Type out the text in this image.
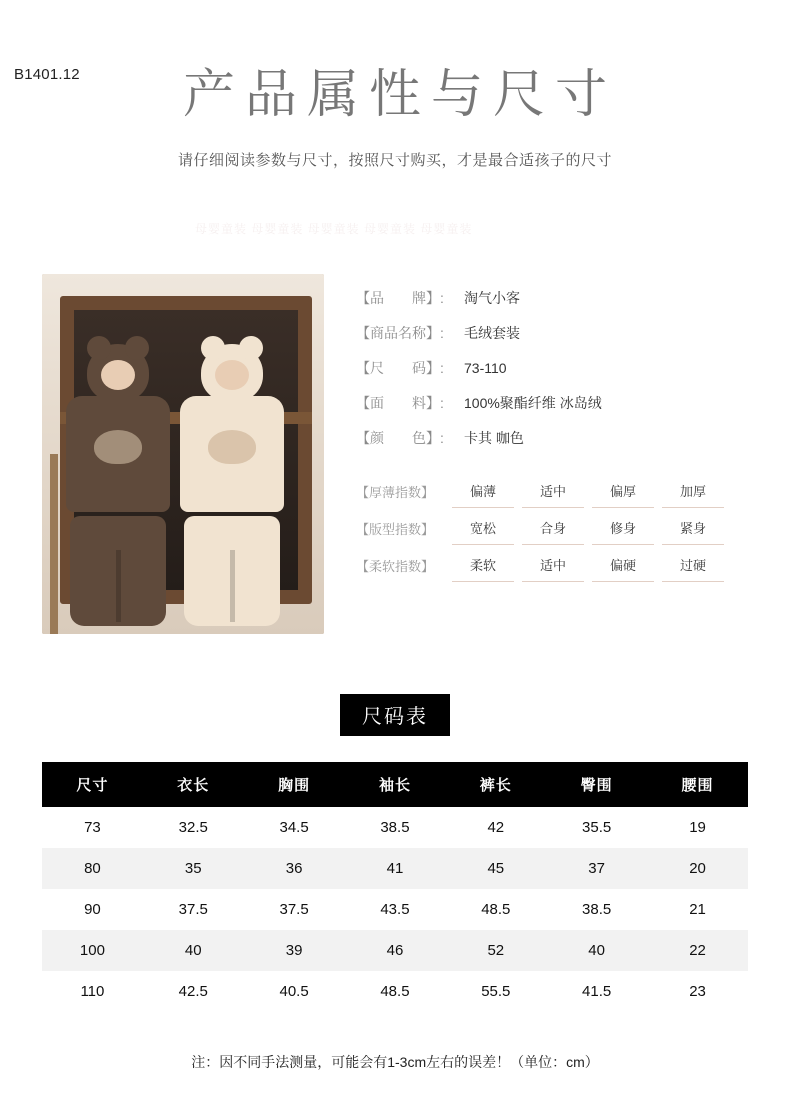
B1401.12	产品属性与尺寸
请仔细阅读参数与尺寸，按照尺寸购买，才是最合适孩子的尺寸
母婴童装 母婴童装 母婴童装 母婴童装 母婴童装
【品　　牌】:	淘气小客
【商品名称】:	毛绒套装
【尺　　码】:	73-110
【面　　料】:	100%聚酯纤维 冰岛绒
【颜　　色】:	卡其 咖色
【厚薄指数】	偏薄	适中	偏厚	加厚
【版型指数】	宽松	合身	修身	紧身
【柔软指数】	柔软	适中	偏硬	过硬
尺码表
尺寸	衣长	胸围	袖长	裤长	臀围	腰围
73	32.5	34.5	38.5	42	35.5	19
80	35	36	41	45	37	20
90	37.5	37.5	43.5	48.5	38.5	21
100	40	39	46	52	40	22
110	42.5	40.5	48.5	55.5	41.5	23
注：因不同手法测量，可能会有1-3cm左右的误差！（单位：cm）
